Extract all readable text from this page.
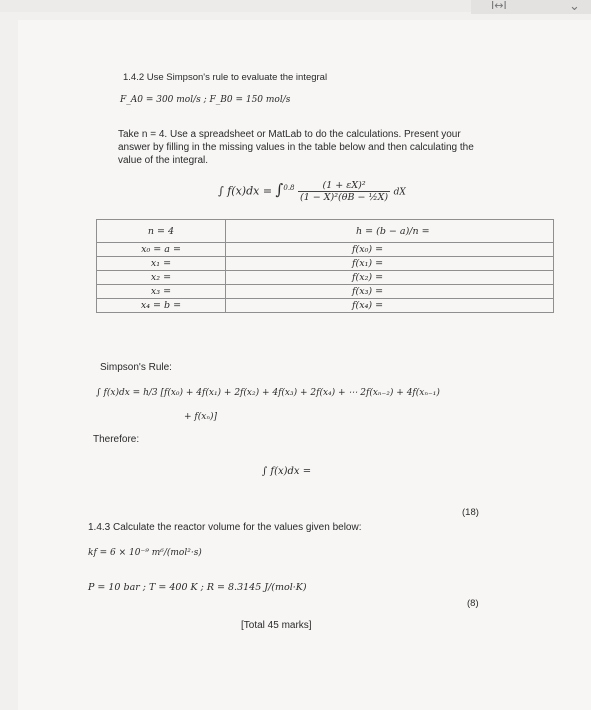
I↔I	⌄
1.4.2 Use Simpson's rule to evaluate the integral
F_A0 = 300 mol/s ; F_B0 = 150 mol/s
Take n = 4. Use a spreadsheet or MatLab to do the calculations. Present your
answer by filling in the missing values in the table below and then calculating the
value of the integral.
∫ $f(x)dx = \int^{0.8} \frac{\text{(1 + εX)²}}{\text{(1 − X)²(θB − ½X)}}$ dX
n = 4	h = (b − a)/n =
x₀ = a =	f(x₀) =
x₁ =	f(x₁) =
x₂ =	f(x₂) =
x₃ =	f(x₃) =
x₄ = b =	f(x₄) =
Simpson's Rule:
∫ f(x)dx = h/3 [f(x₀) + 4f(x₁) + 2f(x₂) + 4f(x₃) + 2f(x₄) + ⋯ 2f(xₙ₋₂) + 4f(xₙ₋₁)
+ f(xₙ)]
Therefore:
∫ f(x)dx =
(18)
1.4.3 Calculate the reactor volume for the values given below:
kf = 6 × 10⁻⁹ m⁶/(mol²·s)
P = 10 bar ; T = 400 K ; R = 8.3145 J/(mol·K)
(8)
[Total 45 marks]
